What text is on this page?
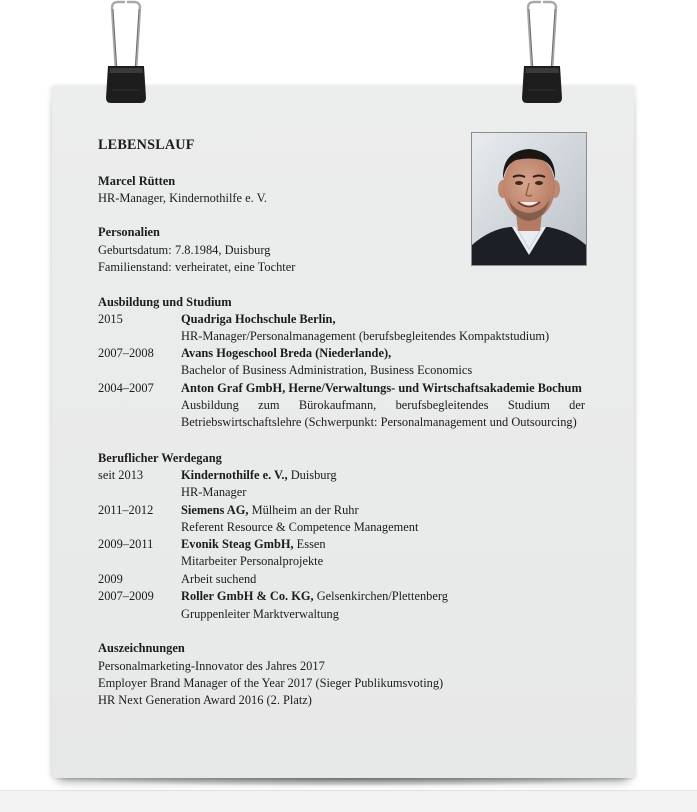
LEBENSLAUF
Marcel Rütten
HR-Manager, Kindernothilfe e. V.
Personalien
Geburtsdatum: 7.8.1984, Duisburg
Familienstand: verheiratet, eine Tochter
Ausbildung und Studium
2015	Quadriga Hochschule Berlin,
HR-Manager/Personalmanagement (berufsbegleitendes Kompaktstudium)
2007–2008 Avans Hogeschool Breda (Niederlande),
Bachelor of Business Administration, Business Economics
2004–2007 Anton Graf GmbH, Herne/Verwaltungs- und Wirtschaftsakademie Bochum
Ausbildung zum Bürokaufmann, berufsbegleitendes Studium der Betriebswirtschaftslehre (Schwerpunkt: Personalmanagement und Outsourcing)
Beruflicher Werdegang
seit 2013	Kindernothilfe e. V., Duisburg
HR-Manager
2011–2012 Siemens AG, Mülheim an der Ruhr
Referent Resource & Competence Management
2009–2011 Evonik Steag GmbH, Essen
Mitarbeiter Personalprojekte
2009	Arbeit suchend
2007–2009 Roller GmbH & Co. KG, Gelsenkirchen/Plettenberg
Gruppenleiter Marktverwaltung
Auszeichnungen
Personalmarketing-Innovator des Jahres 2017
Employer Brand Manager of the Year 2017 (Sieger Publikumsvoting)
HR Next Generation Award 2016 (2. Platz)
